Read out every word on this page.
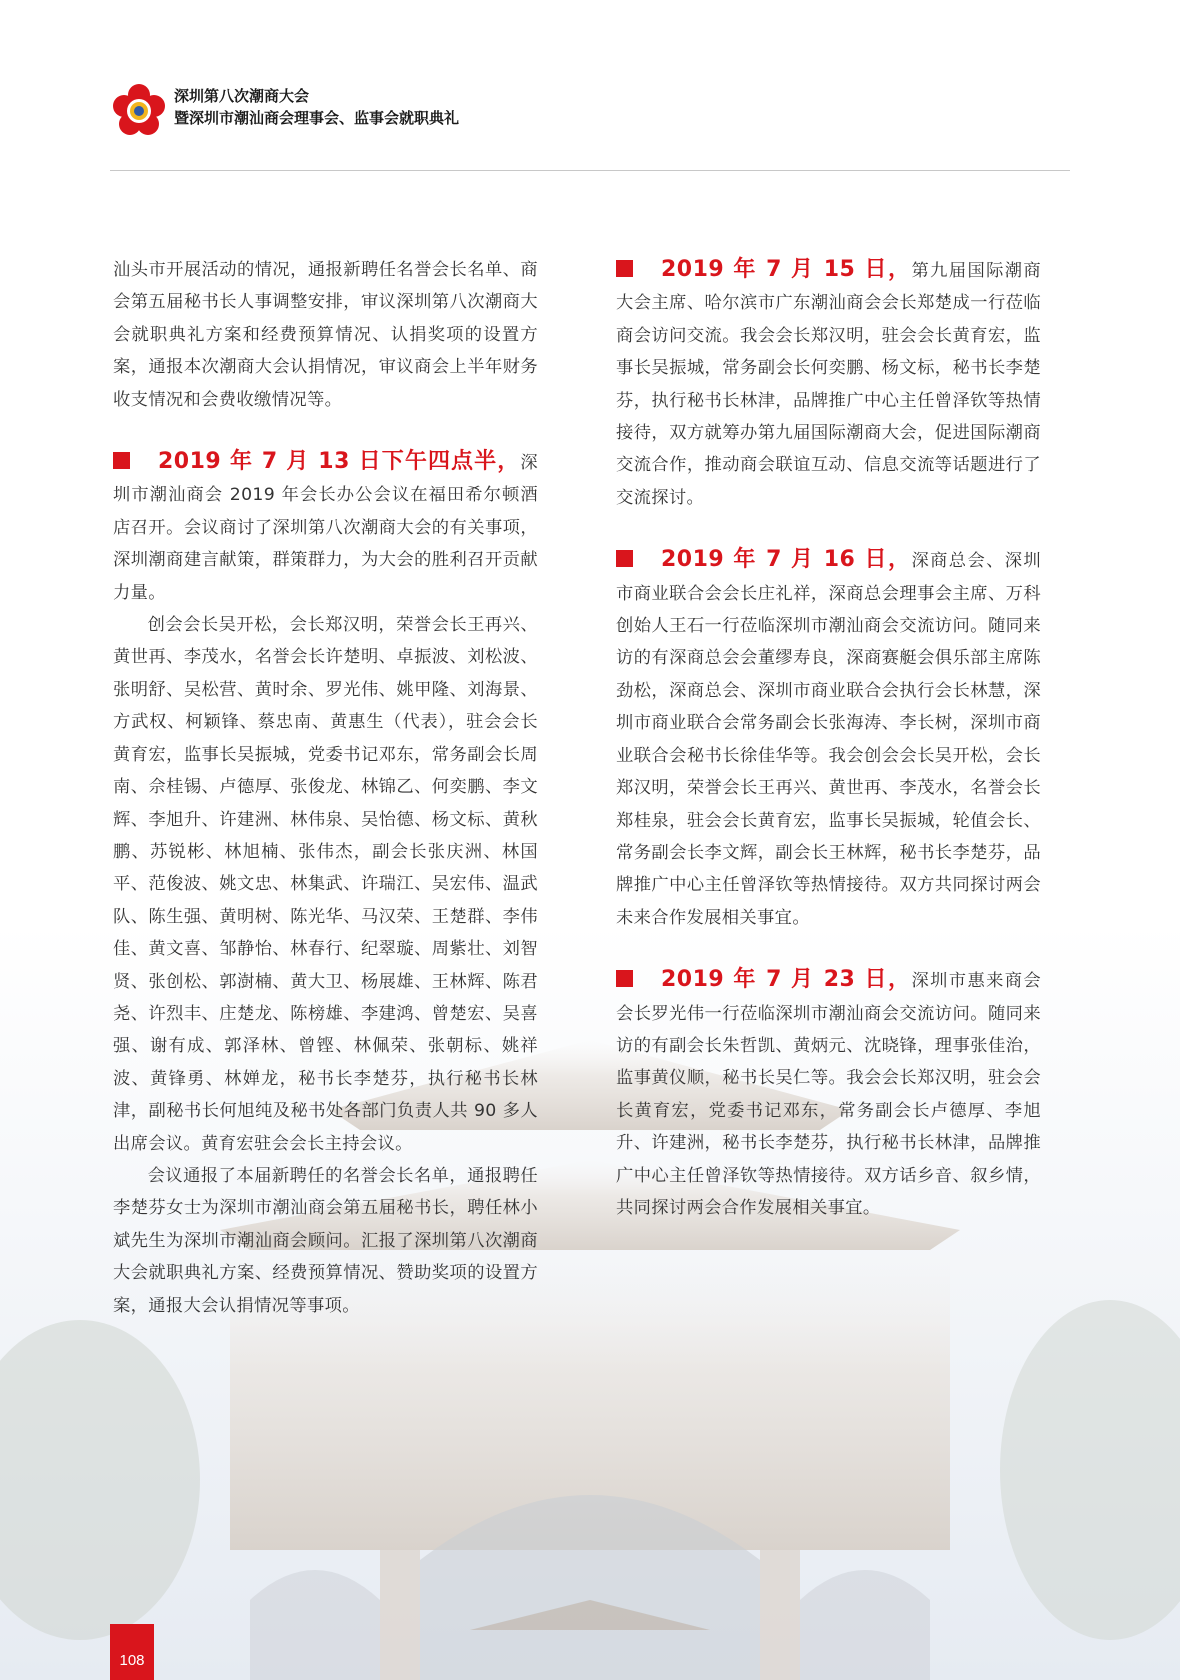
深圳第八次潮商大会
暨深圳市潮汕商会理事会、监事会就职典礼

汕头市开展活动的情况，通报新聘任名誉会长名单、商会第五届秘书长人事调整安排，审议深圳第八次潮商大会就职典礼方案和经费预算情况、认捐奖项的设置方案，通报本次潮商大会认捐情况，审议商会上半年财务收支情况和会费收缴情况等。

2019 年 7 月 13 日下午四点半，深圳市潮汕商会 2019 年会长办公会议在福田希尔顿酒店召开。会议商讨了深圳第八次潮商大会的有关事项，深圳潮商建言献策，群策群力，为大会的胜利召开贡献力量。

创会会长吴开松，会长郑汉明，荣誉会长王再兴、黄世再、李茂水，名誉会长许楚明、卓振波、刘松波、张明舒、吴松营、黄时余、罗光伟、姚甲隆、刘海景、方武权、柯颖锋、蔡忠南、黄惠生（代表），驻会会长黄育宏，监事长吴振城，党委书记邓东，常务副会长周南、佘桂锡、卢德厚、张俊龙、林锦乙、何奕鹏、李文辉、李旭升、许建洲、林伟泉、吴怡德、杨文标、黄秋鹏、苏锐彬、林旭楠、张伟杰，副会长张庆洲、林国平、范俊波、姚文忠、林集武、许瑞江、吴宏伟、温武队、陈生强、黄明树、陈光华、马汉荣、王楚群、李伟佳、黄文喜、邹静怡、林春行、纪翠璇、周紫壮、刘智贤、张创松、郭澍楠、黄大卫、杨展雄、王林辉、陈君尧、许烈丰、庄楚龙、陈榜雄、李建鸿、曾楚宏、吴喜强、谢有成、郭泽林、曾铿、林佩荣、张朝标、姚祥波、黄锋勇、林婵龙，秘书长李楚芬，执行秘书长林津，副秘书长何旭纯及秘书处各部门负责人共 90 多人出席会议。黄育宏驻会会长主持会议。

会议通报了本届新聘任的名誉会长名单，通报聘任李楚芬女士为深圳市潮汕商会第五届秘书长，聘任林小斌先生为深圳市潮汕商会顾问。汇报了深圳第八次潮商大会就职典礼方案、经费预算情况、赞助奖项的设置方案，通报大会认捐情况等事项。

2019 年 7 月 15 日，第九届国际潮商大会主席、哈尔滨市广东潮汕商会会长郑楚成一行莅临商会访问交流。我会会长郑汉明，驻会会长黄育宏，监事长吴振城，常务副会长何奕鹏、杨文标，秘书长李楚芬，执行秘书长林津，品牌推广中心主任曾泽钦等热情接待，双方就筹办第九届国际潮商大会，促进国际潮商交流合作，推动商会联谊互动、信息交流等话题进行了交流探讨。

2019 年 7 月 16 日，深商总会、深圳市商业联合会会长庄礼祥，深商总会理事会主席、万科创始人王石一行莅临深圳市潮汕商会交流访问。随同来访的有深商总会会董缪寿良，深商赛艇会俱乐部主席陈劲松，深商总会、深圳市商业联合会执行会长林慧，深圳市商业联合会常务副会长张海涛、李长树，深圳市商业联合会秘书长徐佳华等。我会创会会长吴开松，会长郑汉明，荣誉会长王再兴、黄世再、李茂水，名誉会长郑桂泉，驻会会长黄育宏，监事长吴振城，轮值会长、常务副会长李文辉，副会长王林辉，秘书长李楚芬，品牌推广中心主任曾泽钦等热情接待。双方共同探讨两会未来合作发展相关事宜。

2019 年 7 月 23 日，深圳市惠来商会会长罗光伟一行莅临深圳市潮汕商会交流访问。随同来访的有副会长朱哲凯、黄炳元、沈晓锋，理事张佳治，监事黄仪顺，秘书长吴仁等。我会会长郑汉明，驻会会长黄育宏，党委书记邓东，常务副会长卢德厚、李旭升、许建洲，秘书长李楚芬，执行秘书长林津，品牌推广中心主任曾泽钦等热情接待。双方话乡音、叙乡情，共同探讨两会合作发展相关事宜。

108
